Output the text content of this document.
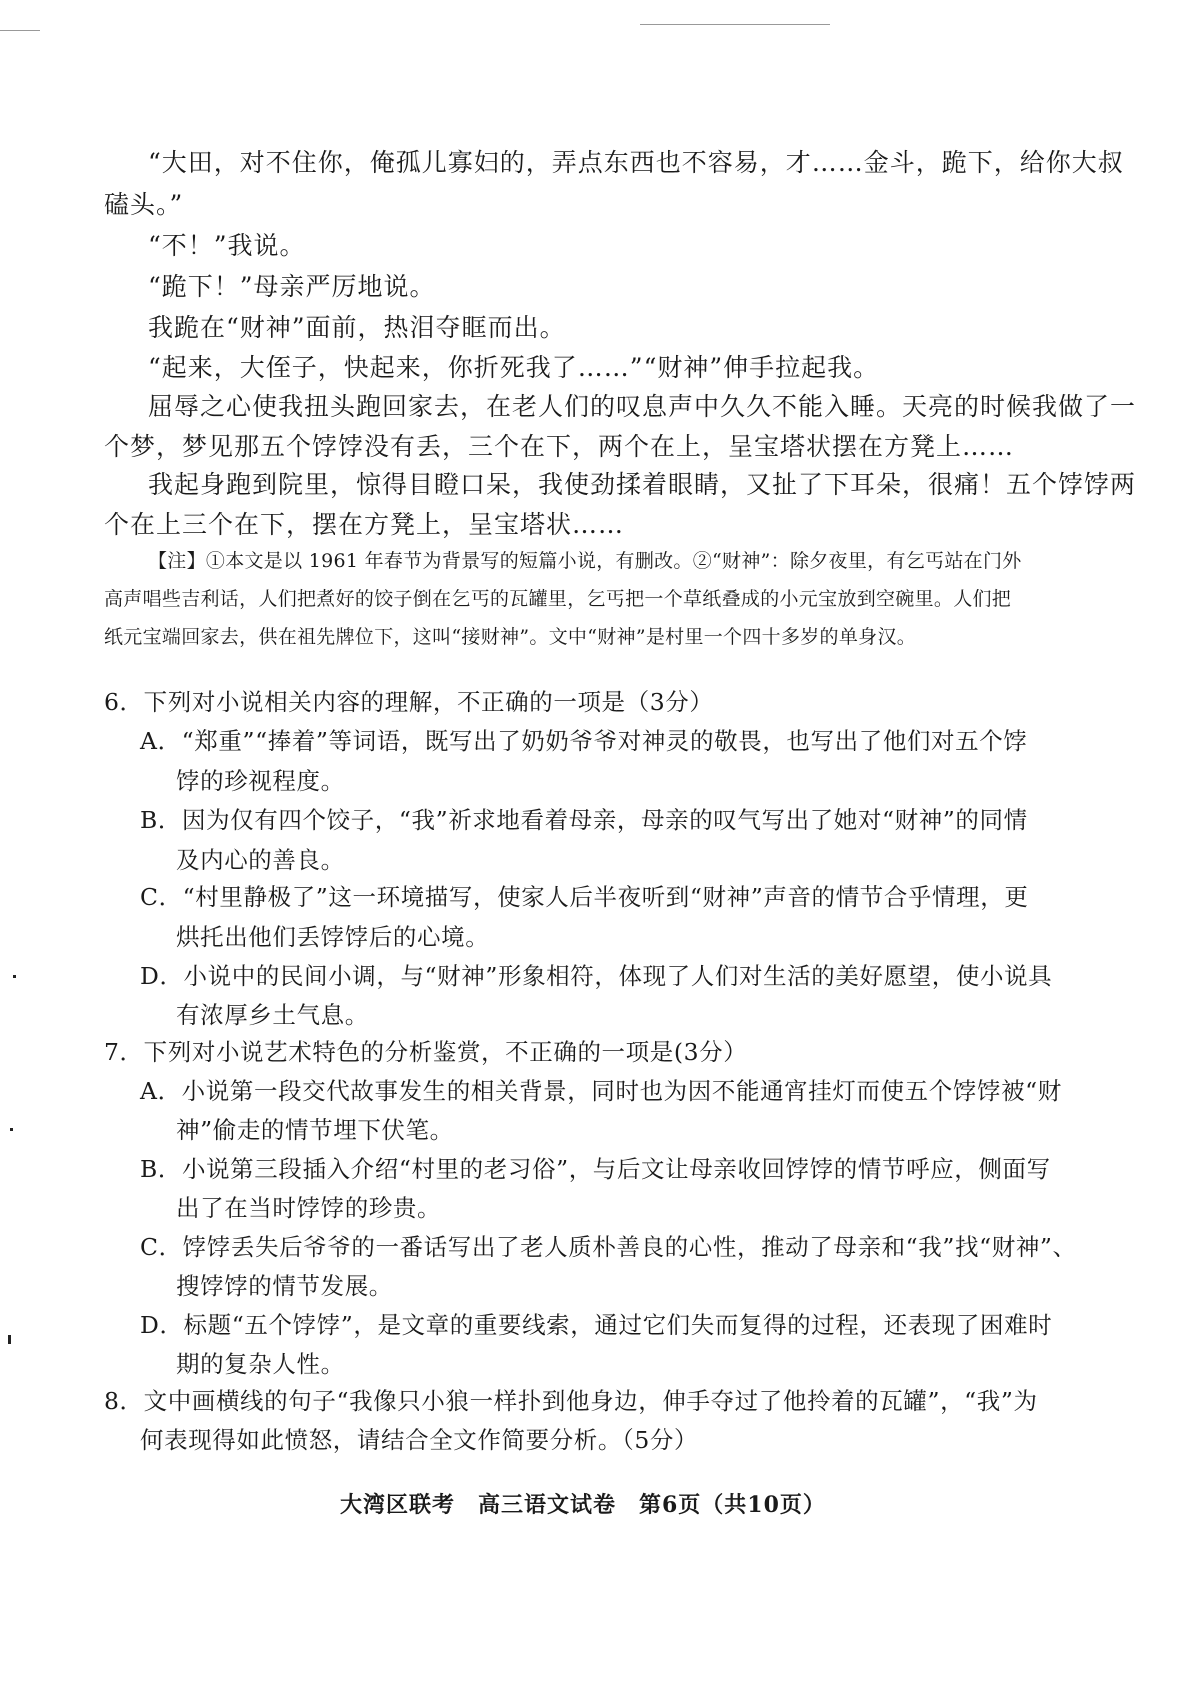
“大田，对不住你，俺孤儿寡妇的，弄点东西也不容易，才……金斗，跪下，给你大叔
磕头。”
“不！”我说。
“跪下！”母亲严厉地说。
我跪在“财神”面前，热泪夺眶而出。
“起来，大侄子，快起来，你折死我了……”“财神”伸手拉起我。
屈辱之心使我扭头跑回家去，在老人们的叹息声中久久不能入睡。天亮的时候我做了一
个梦，梦见那五个饽饽没有丢，三个在下，两个在上，呈宝塔状摆在方凳上……
我起身跑到院里，惊得目瞪口呆，我使劲揉着眼睛，又扯了下耳朵，很痛！五个饽饽两
个在上三个在下，摆在方凳上，呈宝塔状……
【注】①本文是以 1961 年春节为背景写的短篇小说，有删改。②“财神”：除夕夜里，有乞丐站在门外
高声唱些吉利话，人们把煮好的饺子倒在乞丐的瓦罐里，乞丐把一个草纸叠成的小元宝放到空碗里。人们把
纸元宝端回家去，供在祖先牌位下，这叫“接财神”。文中“财神”是村里一个四十多岁的单身汉。
6．下列对小说相关内容的理解，不正确的一项是（3分）
A．“郑重”“捧着”等词语，既写出了奶奶爷爷对神灵的敬畏，也写出了他们对五个饽
饽的珍视程度。
B．因为仅有四个饺子，“我”祈求地看着母亲，母亲的叹气写出了她对“财神”的同情
及内心的善良。
C．“村里静极了”这一环境描写，使家人后半夜听到“财神”声音的情节合乎情理，更
烘托出他们丢饽饽后的心境。
D．小说中的民间小调，与“财神”形象相符，体现了人们对生活的美好愿望，使小说具
有浓厚乡土气息。
7．下列对小说艺术特色的分析鉴赏，不正确的一项是(3分）
A．小说第一段交代故事发生的相关背景，同时也为因不能通宵挂灯而使五个饽饽被“财
神”偷走的情节埋下伏笔。
B．小说第三段插入介绍“村里的老习俗”，与后文让母亲收回饽饽的情节呼应，侧面写
出了在当时饽饽的珍贵。
C．饽饽丢失后爷爷的一番话写出了老人质朴善良的心性，推动了母亲和“我”找“财神”、
搜饽饽的情节发展。
D．标题“五个饽饽”，是文章的重要线索，通过它们失而复得的过程，还表现了困难时
期的复杂人性。
8．文中画横线的句子“我像只小狼一样扑到他身边，伸手夺过了他拎着的瓦罐”，“我”为
何表现得如此愤怒，请结合全文作简要分析。（5分）
大湾区联考　高三语文试卷　第6页（共10页）
